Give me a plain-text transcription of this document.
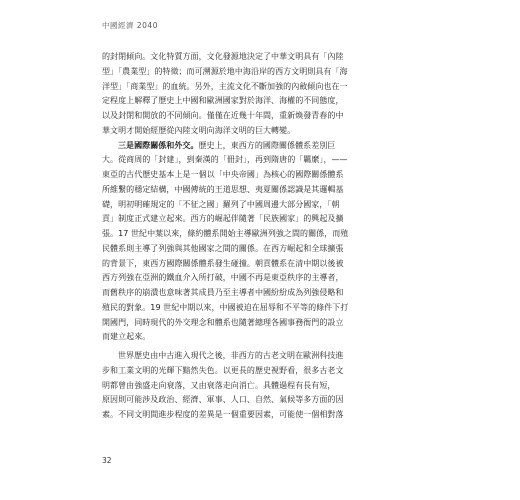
中國經濟 2040
的封閉傾向。文化特質方面，文化發源地決定了中華文明具有「內陸
型」「農業型」的特徵；而可溯源於地中海沿岸的西方文明則具有「海
洋型」「商業型」的血統。另外，主流文化不斷加強的內斂傾向也在一
定程度上解釋了歷史上中國和歐洲國家對於海洋、海權的不同態度，
以及封閉和開放的不同傾向。僅僅在近幾十年間，重新煥發青春的中
華文明才開始經歷從內陸文明向海洋文明的巨大轉變。
三是國際關係和外交。歷史上，東西方的國際關係體系差別巨
大。從商周的「封建」，到秦漢的「冊封」，再到隋唐的「羈縻」，——
東亞的古代歷史基本上是一個以「中央帝國」為核心的國際關係體系
所維繫的穩定結構，中國傳統的王道思想、夷夏關係認識是其邏輯基
礎，明初明確規定的「不征之國」羅列了中國周邊大部分國家，「朝
貢」制度正式建立起來。西方的崛起伴隨著「民族國家」的興起及擴
張。17 世紀中葉以來，條約體系開始主導歐洲列強之間的關係，而殖
民體系則主導了列強與其他國家之間的關係。在西方崛起和全球擴張
的背景下，東西方國際關係體系發生碰撞。朝貢體系在清中期以後被
西方列強在亞洲的鐵血介入所打破，中國不再是東亞秩序的主導者，
而舊秩序的崩潰也意味著其成員乃至主導者中國紛紛成為列強侵略和
殖民的對象。19 世紀中期以來，中國被迫在屈辱和不平等的條件下打
開國門，同時現代的外交理念和體系也隨著總理各國事務衙門的設立
而建立起來。
世界歷史由中古進入現代之後，非西方的古老文明在歐洲科技進
步和工業文明的光輝下黯然失色。以更長的歷史視野看，很多古老文
明都曾由強盛走向衰落，又由衰落走向消亡。具體過程有長有短，
原因則可能涉及政治、經濟、軍事、人口、自然、氣候等多方面的因
素。不同文明間進步程度的差異是一個重要因素，可能使一個相對落
32
